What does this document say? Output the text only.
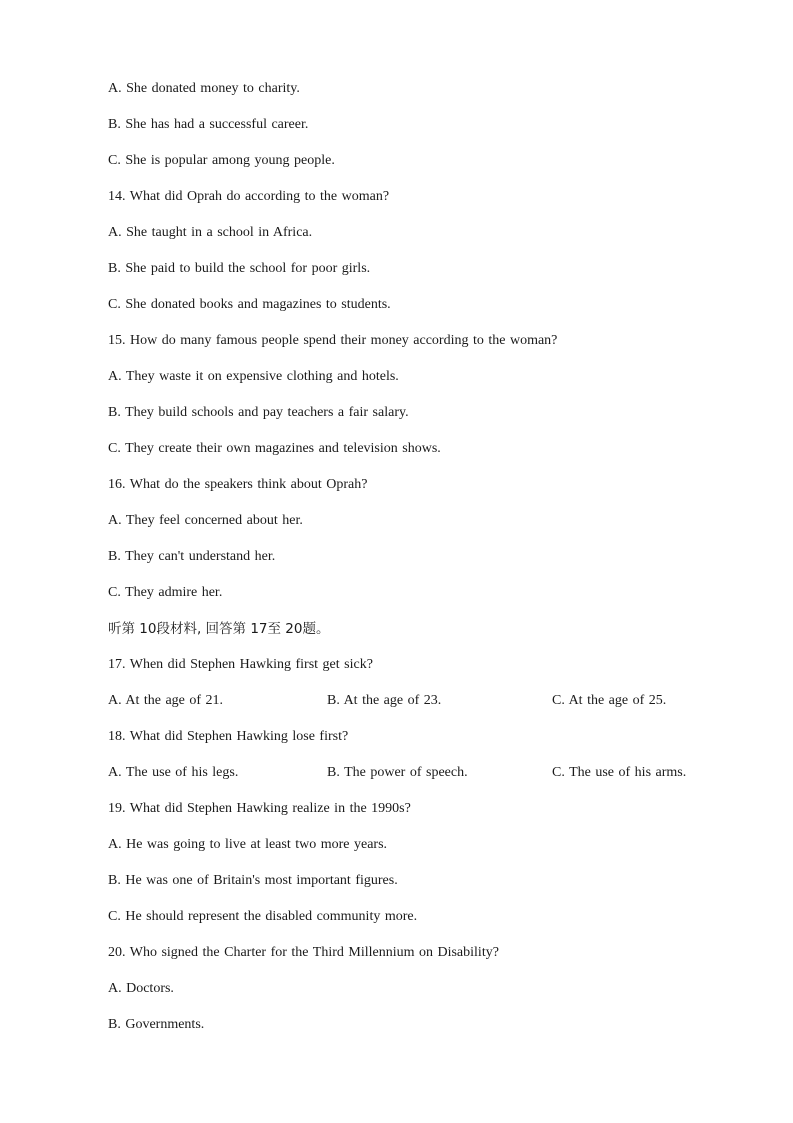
A. She donated money to charity.
B. She has had a successful career.
C. She is popular among young people.
14. What did Oprah do according to the woman?
A. She taught in a school in Africa.
B. She paid to build the school for poor girls.
C. She donated books and magazines to students.
15. How do many famous people spend their money according to the woman?
A. They waste it on expensive clothing and hotels.
B. They build schools and pay teachers a fair salary.
C. They create their own magazines and television shows.
16. What do the speakers think about Oprah?
A. They feel concerned about her.
B. They can't understand her.
C. They admire her.
听第 10段材料, 回答第 17至 20题。
17. When did Stephen Hawking first get sick?
A. At the age of 21.	B. At the age of 23.	C. At the age of 25.
18. What did Stephen Hawking lose first?
A. The use of his legs.	B. The power of speech.	C. The use of his arms.
19. What did Stephen Hawking realize in the 1990s?
A. He was going to live at least two more years.
B. He was one of Britain's most important figures.
C. He should represent the disabled community more.
20. Who signed the Charter for the Third Millennium on Disability?
A. Doctors.
B. Governments.
